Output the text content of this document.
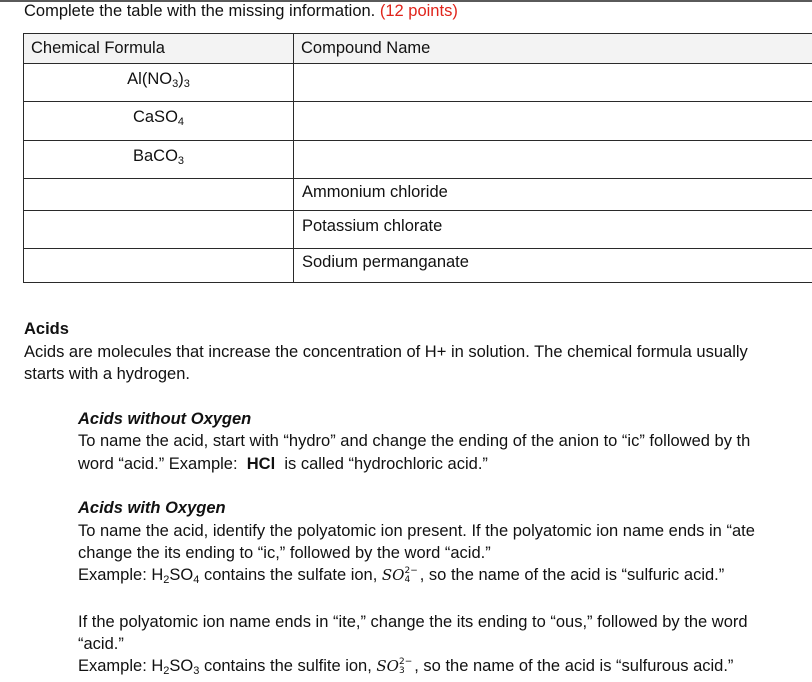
Complete the table with the missing information. (12 points)
Chemical Formula	Compound Name
$Al(NO_3)_3$	
CaSO$_4$	
BaCO$_3$	
	Ammonium chloride
	Potassium chlorate
	Sodium permanganate
Acids
Acids are molecules that increase the concentration of H+ in solution. The chemical formula usually
starts with a hydrogen.
Acids without Oxygen
To name the acid, start with “hydro” and change the ending of the anion to “ic” followed by th
word “acid.” Example: HCl is called “hydrochloric acid.”
Acids with Oxygen
To name the acid, identify the polyatomic ion present. If the polyatomic ion name ends in “ate
change the its ending to “ic,” followed by the word “acid.”
Example: $H_2SO_4$ contains the sulfate ion, SO2−
4 , so the name of the acid is “sulfuric acid.”
If the polyatomic ion name ends in “ite,” change the its ending to “ous,” followed by the word
“acid.”
Example: $H_2SO_3$ contains the sulfite ion, SO2−
3 , so the name of the acid is “sulfurous acid.”
